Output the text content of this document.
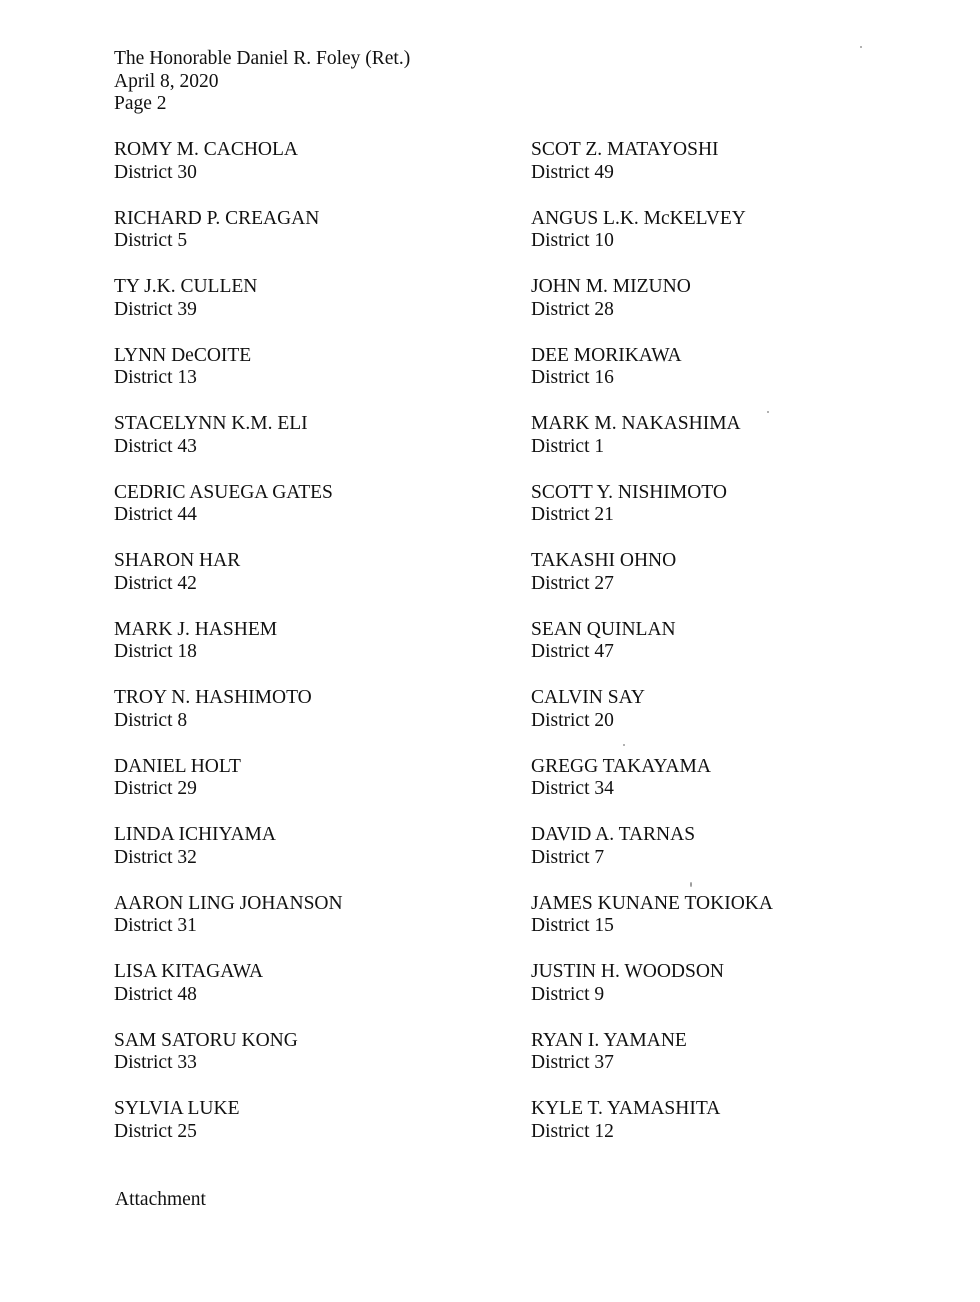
The Honorable Daniel R. Foley (Ret.)
April 8, 2020
Page 2
ROMY M. CACHOLA
District 30
RICHARD P. CREAGAN
District 5
TY J.K. CULLEN
District 39
LYNN DeCOITE
District 13
STACELYNN K.M. ELI
District 43
CEDRIC ASUEGA GATES
District 44
SHARON HAR
District 42
MARK J. HASHEM
District 18
TROY N. HASHIMOTO
District 8
DANIEL HOLT
District 29
LINDA ICHIYAMA
District 32
AARON LING JOHANSON
District 31
LISA KITAGAWA
District 48
SAM SATORU KONG
District 33
SYLVIA LUKE
District 25
SCOT Z. MATAYOSHI
District 49
ANGUS L.K. McKELVEY
District 10
JOHN M. MIZUNO
District 28
DEE MORIKAWA
District 16
MARK M. NAKASHIMA
District 1
SCOTT Y. NISHIMOTO
District 21
TAKASHI OHNO
District 27
SEAN QUINLAN
District 47
CALVIN SAY
District 20
GREGG TAKAYAMA
District 34
DAVID A. TARNAS
District 7
JAMES KUNANE TOKIOKA
District 15
JUSTIN H. WOODSON
District 9
RYAN I. YAMANE
District 37
KYLE T. YAMASHITA
District 12
Attachment
